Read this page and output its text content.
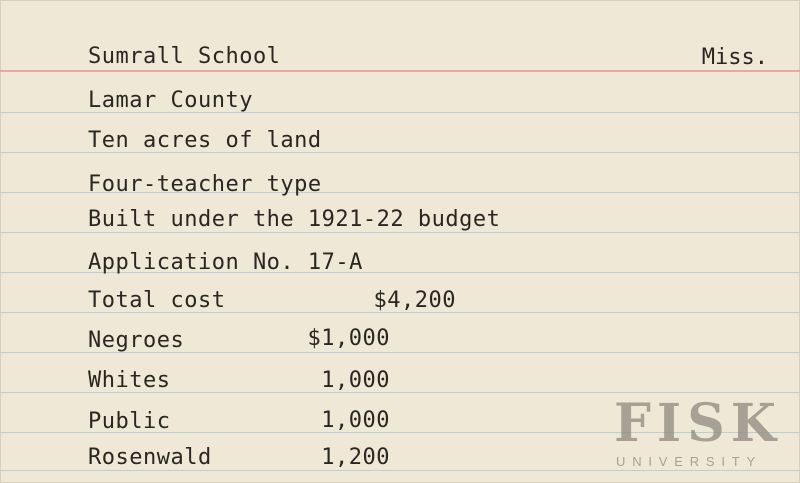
Sumrall School	Miss.
Lamar County
Ten acres of land
Four-teacher type
Built under the 1921-22 budget
Application No. 17-A
Total cost	$4,200
Negroes	$1,000
Whites	1,000
Public	1,000
Rosenwald	1,200
FISK
UNIVERSITY
